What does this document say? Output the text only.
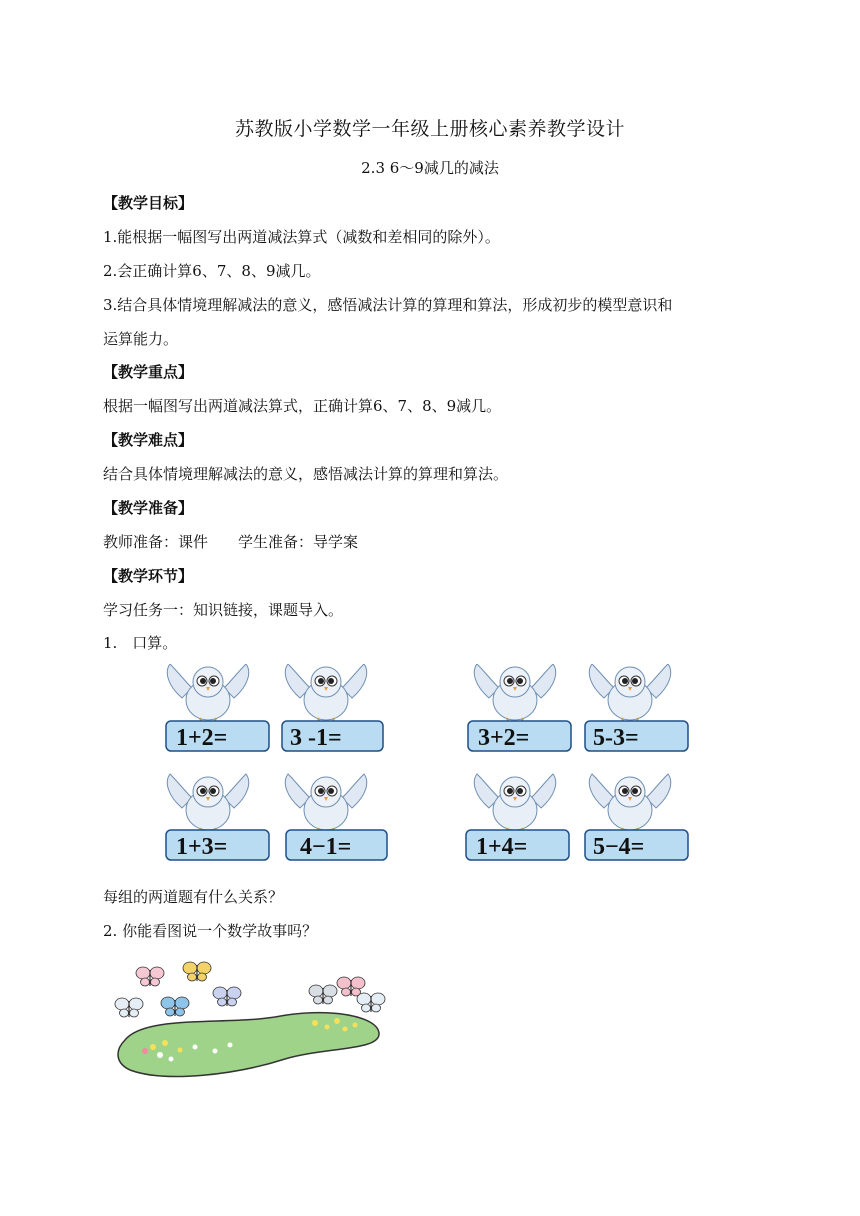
苏教版小学数学一年级上册核心素养教学设计
2.3 6～9减几的减法
【教学目标】
1.能根据一幅图写出两道减法算式（减数和差相同的除外）。
2.会正确计算6、7、8、9减几。
3.结合具体情境理解减法的意义，感悟减法计算的算理和算法，形成初步的模型意识和
运算能力。
【教学重点】
根据一幅图写出两道减法算式，正确计算6、7、8、9减几。
【教学难点】
结合具体情境理解减法的意义，感悟减法计算的算理和算法。
【教学准备】
教师准备：课件　　学生准备：导学案
【教学环节】
学习任务一：知识链接，课题导入。
1.　口算。
1+2=	3 -1=	3+2=	5-3=
1+3=	4−1=	1+4=	5−4=
每组的两道题有什么关系？
2. 你能看图说一个数学故事吗？
